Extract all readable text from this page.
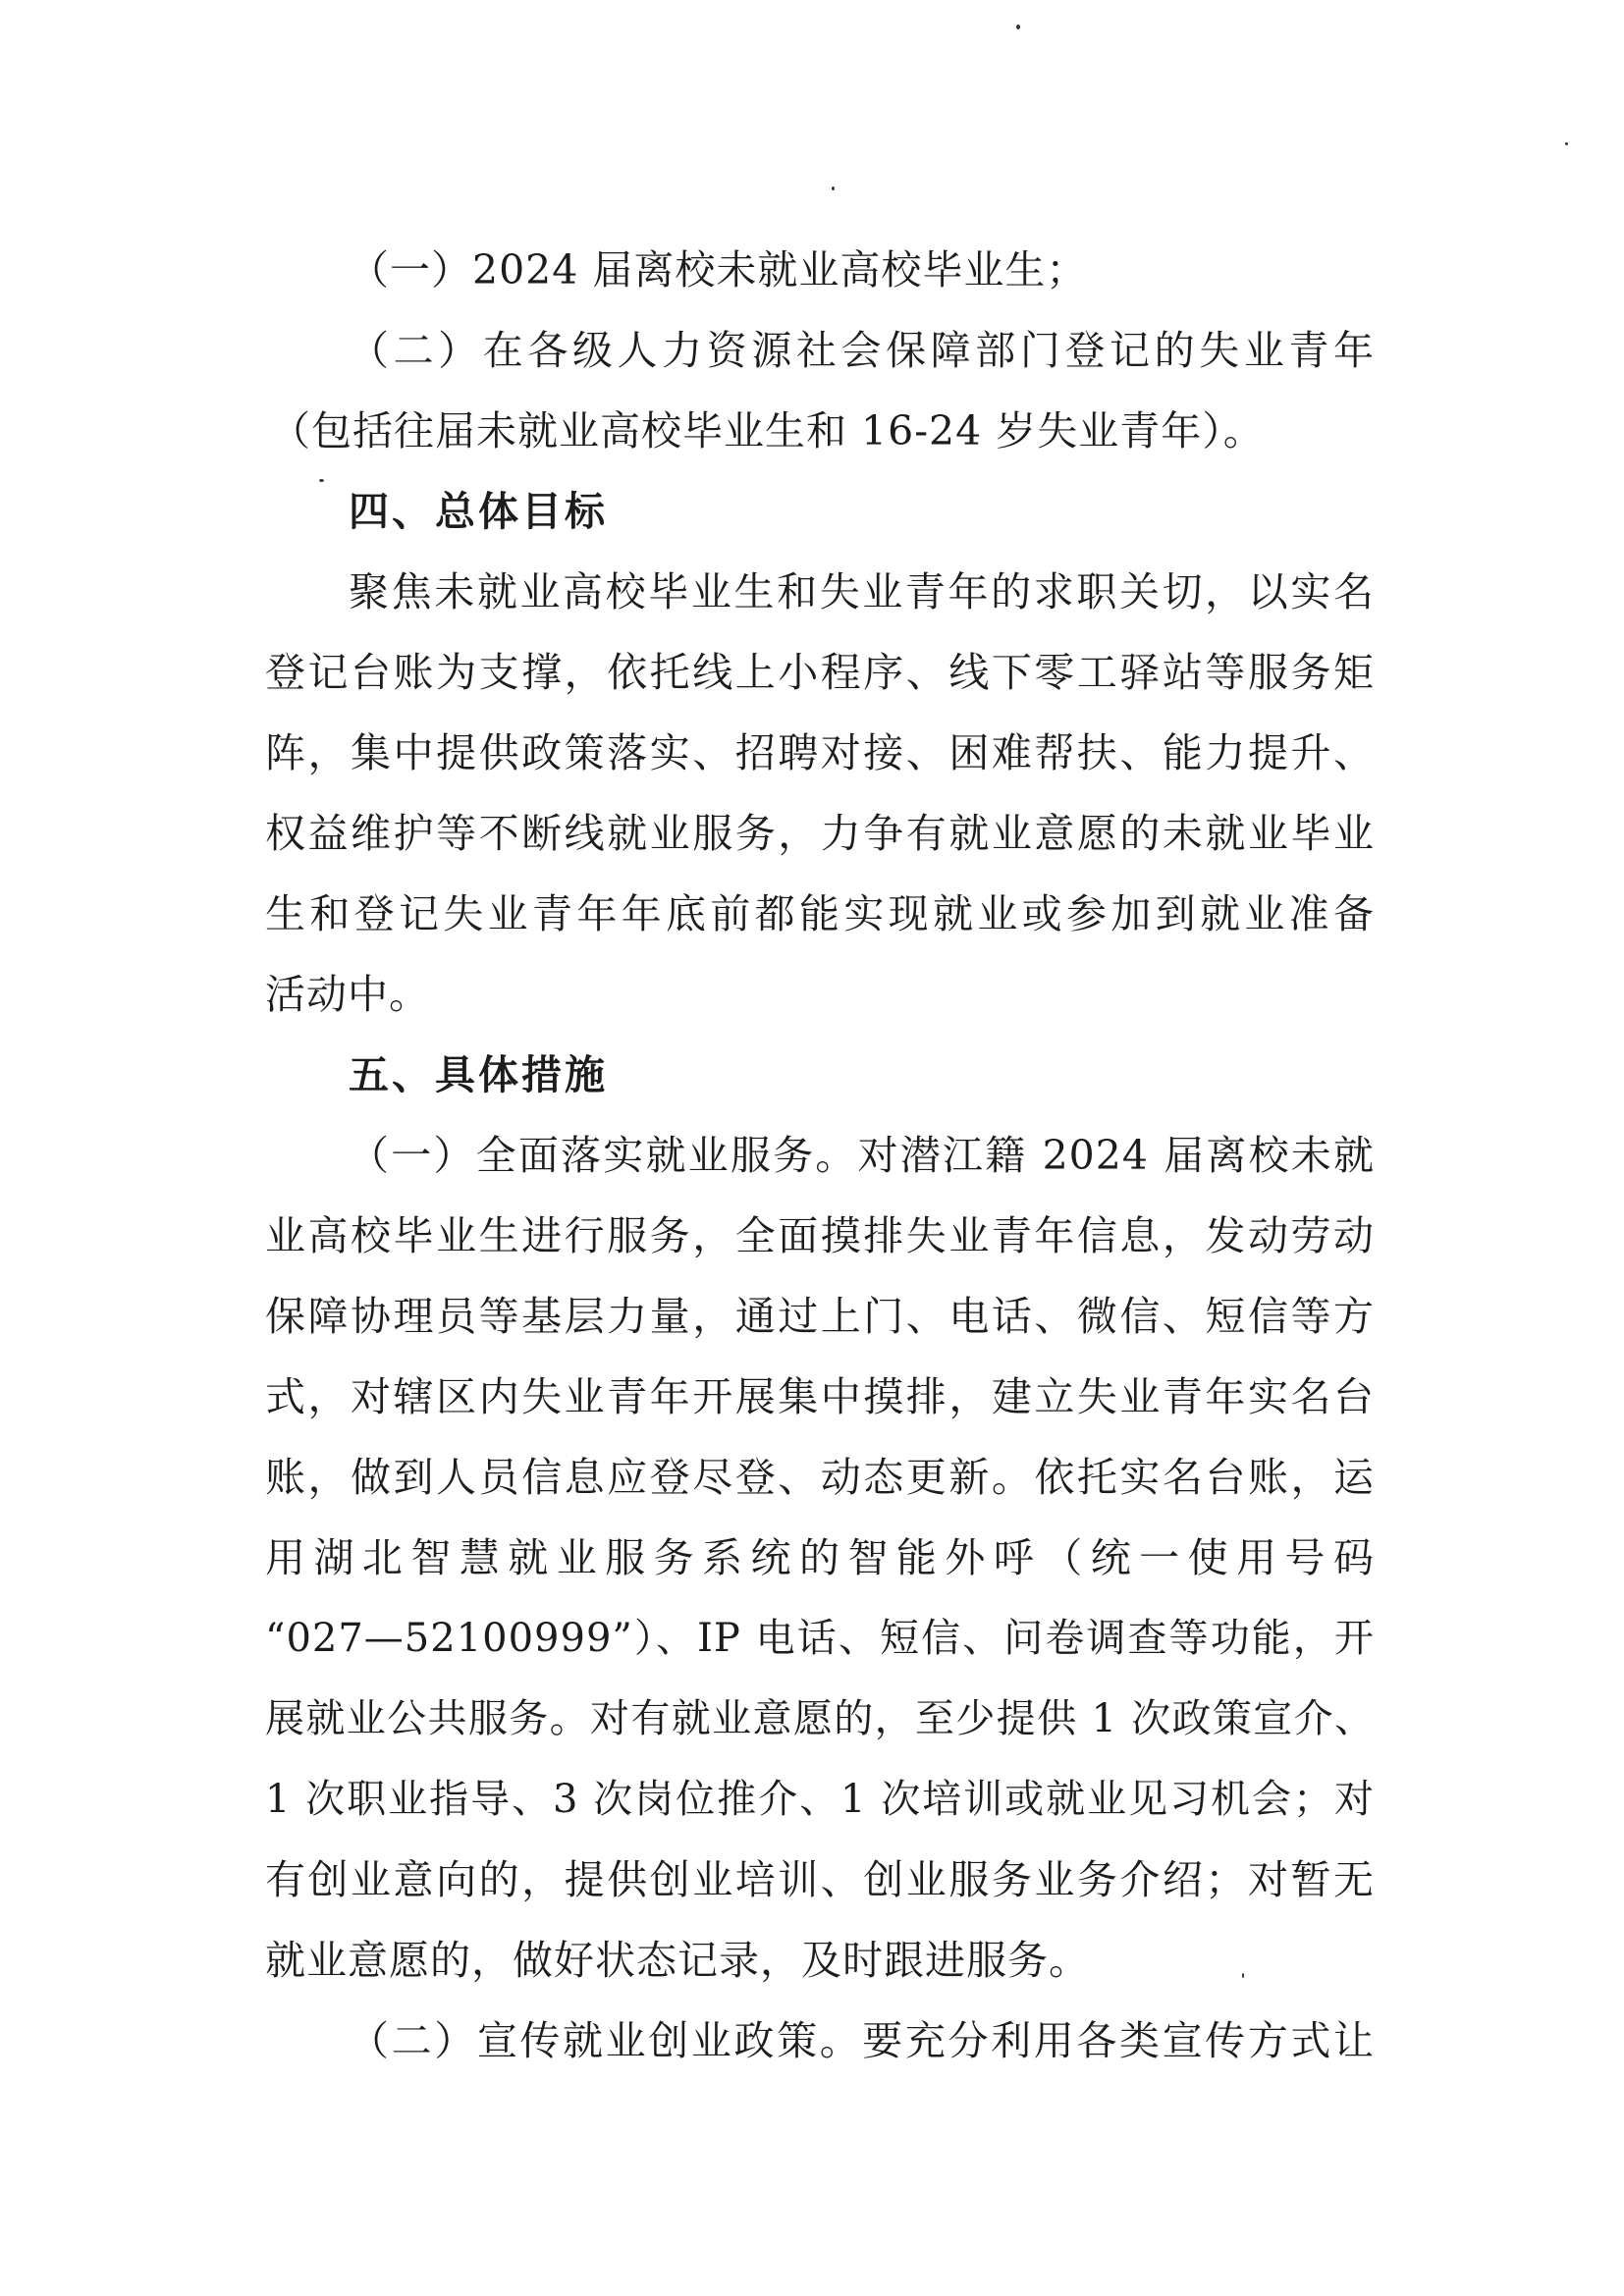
（一）2024 届离校未就业高校毕业生；
（二）在各级人力资源社会保障部门登记的失业青年
（包括往届未就业高校毕业生和 16-24 岁失业青年）。
四、总体目标
聚焦未就业高校毕业生和失业青年的求职关切，以实名
登记台账为支撑，依托线上小程序、线下零工驿站等服务矩
阵，集中提供政策落实、招聘对接、困难帮扶、能力提升、
权益维护等不断线就业服务，力争有就业意愿的未就业毕业
生和登记失业青年年底前都能实现就业或参加到就业准备
活动中。
五、具体措施
（一）全面落实就业服务。对潜江籍 2024 届离校未就
业高校毕业生进行服务，全面摸排失业青年信息，发动劳动
保障协理员等基层力量，通过上门、电话、微信、短信等方
式，对辖区内失业青年开展集中摸排，建立失业青年实名台
账，做到人员信息应登尽登、动态更新。依托实名台账，运
用湖北智慧就业服务系统的智能外呼（统一使用号码
“027—52100999”）、IP 电话、短信、问卷调查等功能，开
展就业公共服务。对有就业意愿的，至少提供 1 次政策宣介、
1 次职业指导、3 次岗位推介、1 次培训或就业见习机会；对
有创业意向的，提供创业培训、创业服务业务介绍；对暂无
就业意愿的，做好状态记录，及时跟进服务。
（二）宣传就业创业政策。要充分利用各类宣传方式让
